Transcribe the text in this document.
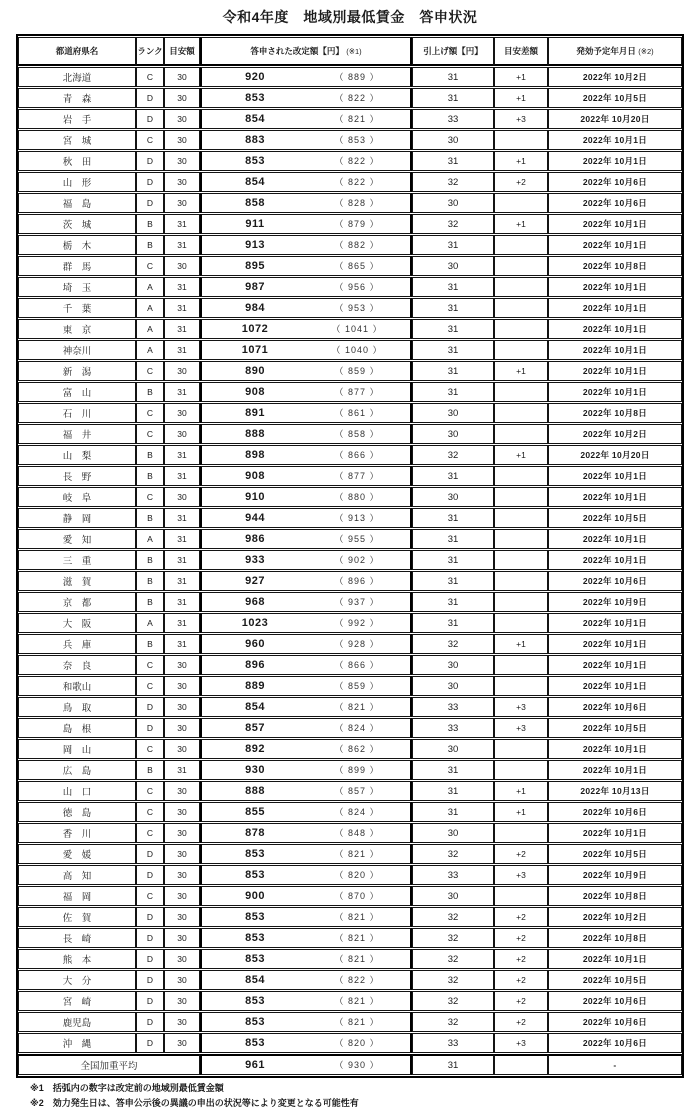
令和4年度　地域別最低賃金　答申状況
都道府県名	ランク	目安額	答申された改定額【円】 (※1)	引上げ額【円】	目安差額	発効予定年月日 (※2)
北海道	C	30	920 （ 889 ）	31	+1	2022年 10月2日
青　森	D	30	853 （ 822 ）	31	+1	2022年 10月5日
岩　手	D	30	854 （ 821 ）	33	+3	2022年 10月20日
宮　城	C	30	883 （ 853 ）	30		2022年 10月1日
秋　田	D	30	853 （ 822 ）	31	+1	2022年 10月1日
山　形	D	30	854 （ 822 ）	32	+2	2022年 10月6日
福　島	D	30	858 （ 828 ）	30		2022年 10月6日
茨　城	B	31	911 （ 879 ）	32	+1	2022年 10月1日
栃　木	B	31	913 （ 882 ）	31		2022年 10月1日
群　馬	C	30	895 （ 865 ）	30		2022年 10月8日
埼　玉	A	31	987 （ 956 ）	31		2022年 10月1日
千　葉	A	31	984 （ 953 ）	31		2022年 10月1日
東　京	A	31	1072 （ 1041 ）	31		2022年 10月1日
神奈川	A	31	1071 （ 1040 ）	31		2022年 10月1日
新　潟	C	30	890 （ 859 ）	31	+1	2022年 10月1日
富　山	B	31	908 （ 877 ）	31		2022年 10月1日
石　川	C	30	891 （ 861 ）	30		2022年 10月8日
福　井	C	30	888 （ 858 ）	30		2022年 10月2日
山　梨	B	31	898 （ 866 ）	32	+1	2022年 10月20日
長　野	B	31	908 （ 877 ）	31		2022年 10月1日
岐　阜	C	30	910 （ 880 ）	30		2022年 10月1日
静　岡	B	31	944 （ 913 ）	31		2022年 10月5日
愛　知	A	31	986 （ 955 ）	31		2022年 10月1日
三　重	B	31	933 （ 902 ）	31		2022年 10月1日
滋　賀	B	31	927 （ 896 ）	31		2022年 10月6日
京　都	B	31	968 （ 937 ）	31		2022年 10月9日
大　阪	A	31	1023 （ 992 ）	31		2022年 10月1日
兵　庫	B	31	960 （ 928 ）	32	+1	2022年 10月1日
奈　良	C	30	896 （ 866 ）	30		2022年 10月1日
和歌山	C	30	889 （ 859 ）	30		2022年 10月1日
鳥　取	D	30	854 （ 821 ）	33	+3	2022年 10月6日
島　根	D	30	857 （ 824 ）	33	+3	2022年 10月5日
岡　山	C	30	892 （ 862 ）	30		2022年 10月1日
広　島	B	31	930 （ 899 ）	31		2022年 10月1日
山　口	C	30	888 （ 857 ）	31	+1	2022年 10月13日
徳　島	C	30	855 （ 824 ）	31	+1	2022年 10月6日
香　川	C	30	878 （ 848 ）	30		2022年 10月1日
愛　媛	D	30	853 （ 821 ）	32	+2	2022年 10月5日
高　知	D	30	853 （ 820 ）	33	+3	2022年 10月9日
福　岡	C	30	900 （ 870 ）	30		2022年 10月8日
佐　賀	D	30	853 （ 821 ）	32	+2	2022年 10月2日
長　崎	D	30	853 （ 821 ）	32	+2	2022年 10月8日
熊　本	D	30	853 （ 821 ）	32	+2	2022年 10月1日
大　分	D	30	854 （ 822 ）	32	+2	2022年 10月5日
宮　崎	D	30	853 （ 821 ）	32	+2	2022年 10月6日
鹿児島	D	30	853 （ 821 ）	32	+2	2022年 10月6日
沖　縄	D	30	853 （ 820 ）	33	+3	2022年 10月6日
全国加重平均			961 （ 930 ）	31		-
※1　括弧内の数字は改定前の地域別最低賃金額
※2　効力発生日は、答申公示後の異議の申出の状況等により変更となる可能性有
